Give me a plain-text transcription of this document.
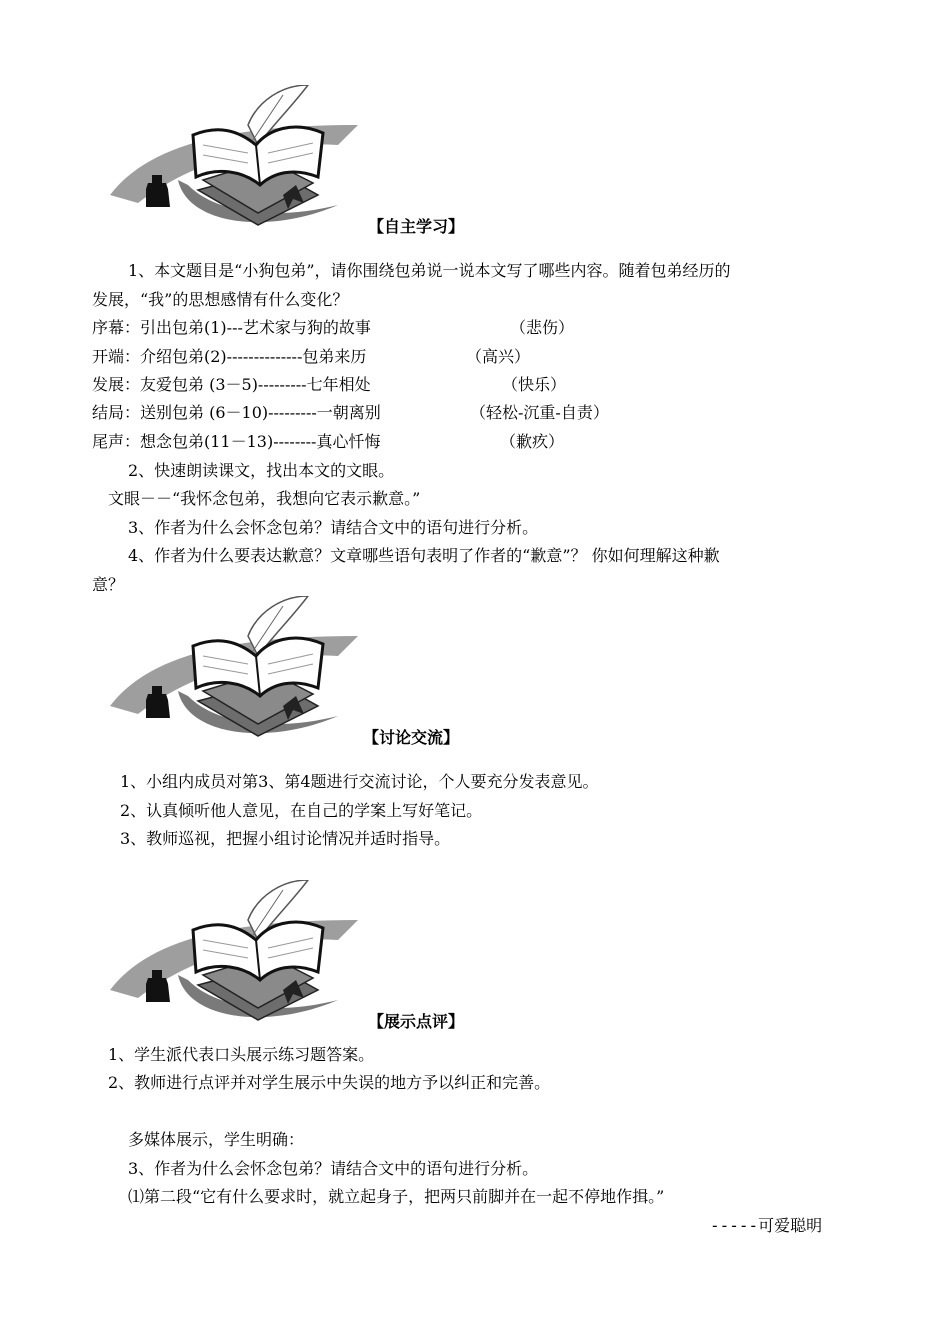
【自主学习】
1、本文题目是“小狗包弟”，请你围绕包弟说一说本文写了哪些内容。随着包弟经历的
发展，“我”的思想感情有什么变化？
序幕：引出包弟(1)---艺术家与狗的故事	（悲伤）
开端：介绍包弟(2)--------------包弟来历	（高兴）
发展：友爱包弟 (3－5)---------七年相处	（快乐）
结局：送别包弟 (6－10)---------一朝离别	（轻松-沉重-自责）
尾声：想念包弟(11－13)--------真心忏悔	（歉疚）
2、快速朗读课文，找出本文的文眼。
文眼－－“我怀念包弟，我想向它表示歉意。”
3、作者为什么会怀念包弟？请结合文中的语句进行分析。
4、作者为什么要表达歉意？文章哪些语句表明了作者的“歉意”？ 你如何理解这种歉
意？
【讨论交流】
1、小组内成员对第3、第4题进行交流讨论，个人要充分发表意见。
2、认真倾听他人意见，在自己的学案上写好笔记。
3、教师巡视，把握小组讨论情况并适时指导。
【展示点评】
1、学生派代表口头展示练习题答案。
2、教师进行点评并对学生展示中失误的地方予以纠正和完善。
多媒体展示，学生明确：
3、作者为什么会怀念包弟？请结合文中的语句进行分析。
⑴第二段“它有什么要求时，就立起身子，把两只前脚并在一起不停地作揖。”
-----可爱聪明
